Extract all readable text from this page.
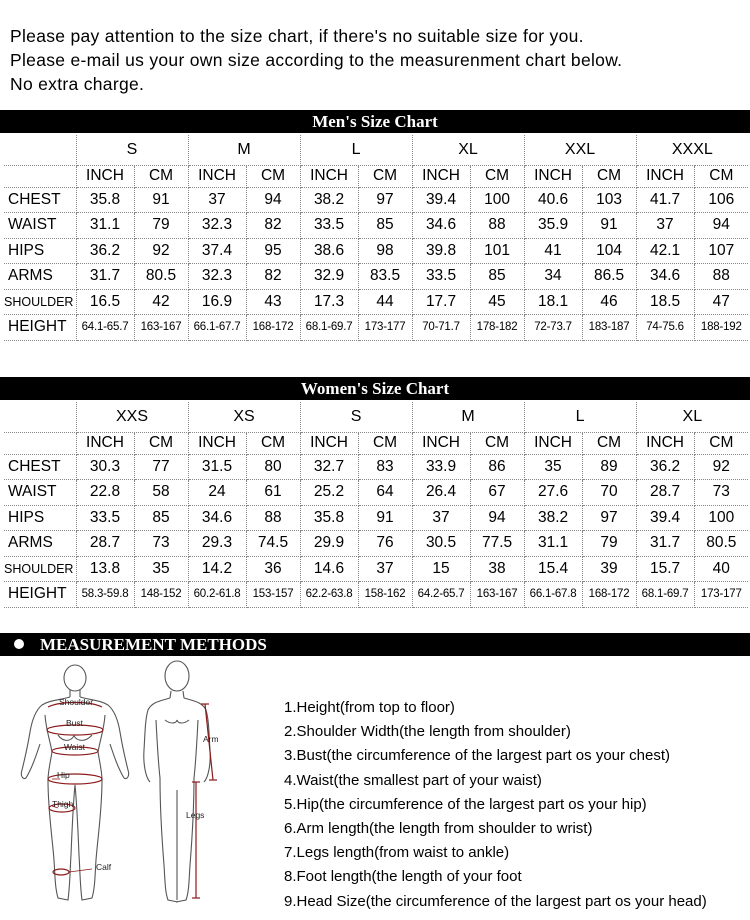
Please pay attention to the size chart, if there's no suitable size for you.
Please e-mail us your own size according to the measurenment chart below.
No extra charge.
Men's Size Chart
	S		M		L		XL		XXL		XXXL	
	INCH	CM	INCH	CM	INCH	CM	INCH	CM	INCH	CM	INCH	CM
CHEST	35.8	91	37	94	38.2	97	39.4	100	40.6	103	41.7	106
WAIST	31.1	79	32.3	82	33.5	85	34.6	88	35.9	91	37	94
HIPS	36.2	92	37.4	95	38.6	98	39.8	101	41	104	42.1	107
ARMS	31.7	80.5	32.3	82	32.9	83.5	33.5	85	34	86.5	34.6	88
SHOULDER	16.5	42	16.9	43	17.3	44	17.7	45	18.1	46	18.5	47
HEIGHT	64.1-65.7	163-167	66.1-67.7	168-172	68.1-69.7	173-177	70-71.7	178-182	72-73.7	183-187	74-75.6	188-192
Women's Size Chart
	XXS		XS		S		M		L		XL	
	INCH	CM	INCH	CM	INCH	CM	INCH	CM	INCH	CM	INCH	CM
CHEST	30.3	77	31.5	80	32.7	83	33.9	86	35	89	36.2	92
WAIST	22.8	58	24	61	25.2	64	26.4	67	27.6	70	28.7	73
HIPS	33.5	85	34.6	88	35.8	91	37	94	38.2	97	39.4	100
ARMS	28.7	73	29.3	74.5	29.9	76	30.5	77.5	31.1	79	31.7	80.5
SHOULDER	13.8	35	14.2	36	14.6	37	15	38	15.4	39	15.7	40
HEIGHT	58.3-59.8	148-152	60.2-61.8	153-157	62.2-63.8	158-162	64.2-65.7	163-167	66.1-67.8	168-172	68.1-69.7	173-177
MEASUREMENT METHODS
Shoulder
Bust
Waist
Hip
Thigh
Calf
Arm
Legs
1.Height(from top to floor)
2.Shoulder Width(the length from shoulder)
3.Bust(the circumference of the largest part os your chest)
4.Waist(the smallest part of your waist)
5.Hip(the circumference of the largest part os your hip)
6.Arm length(the length from shoulder to wrist)
7.Legs length(from waist to ankle)
8.Foot length(the length of your foot
9.Head Size(the circumference of the largest part os your head)
